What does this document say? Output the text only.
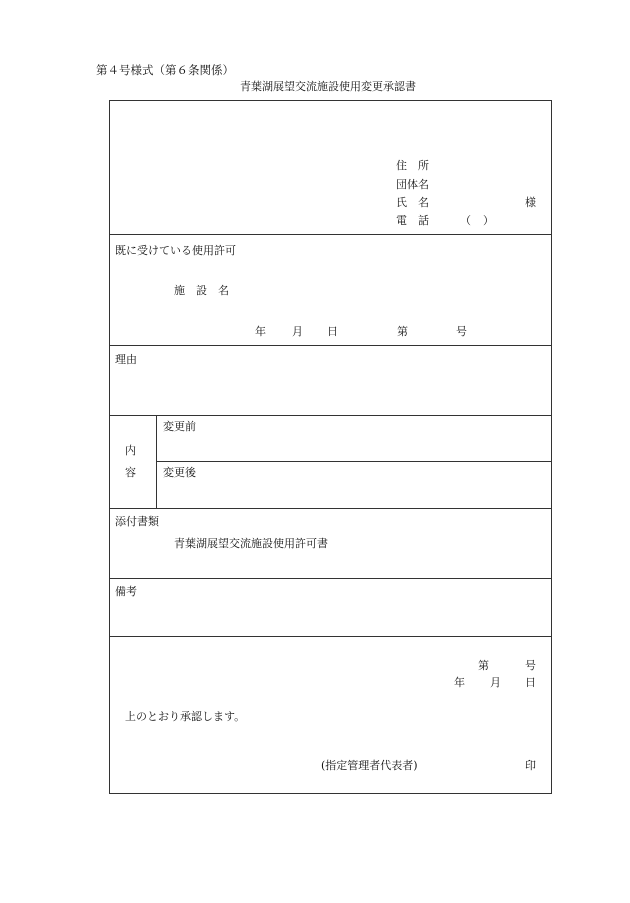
第４号様式（第６条関係）
青葉湖展望交流施設使用変更承認書
住　所
団体名
氏　名	様
電　話	（ ）
既に受けている使用許可
施　設　名
年 月 日	第	号
理由
内
容
変更前
変更後
添付書類
青葉湖展望交流施設使用許可書
備考
第	号
年 月 日
上のとおり承認します。
(指定管理者代表者)	印
